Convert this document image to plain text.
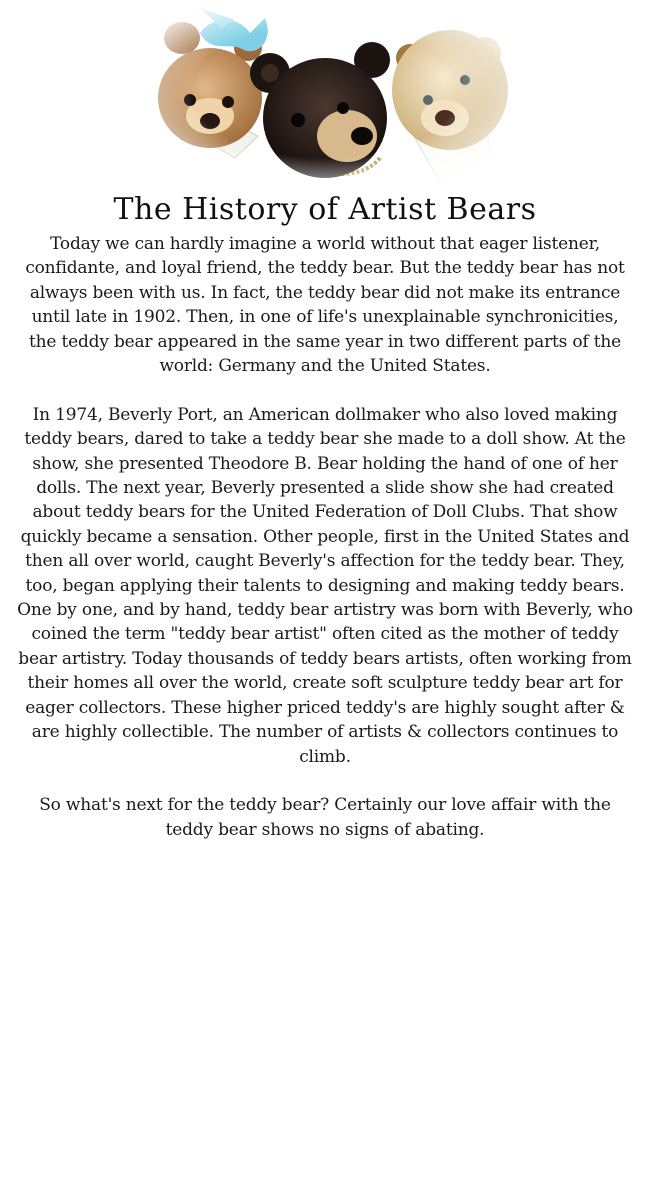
The History of Artist Bears

Today we can hardly imagine a world without that eager listener, confidante, and loyal friend, the teddy bear. But the teddy bear has not always been with us. In fact, the teddy bear did not make its entrance until late in 1902. Then, in one of life's unexplainable synchronicities, the teddy bear appeared in the same year in two different parts of the world: Germany and the United States.

In 1974, Beverly Port, an American dollmaker who also loved making teddy bears, dared to take a teddy bear she made to a doll show. At the show, she presented Theodore B. Bear holding the hand of one of her dolls. The next year, Beverly presented a slide show she had created about teddy bears for the United Federation of Doll Clubs. That show quickly became a sensation. Other people, first in the United States and then all over world, caught Beverly's affection for the teddy bear. They, too, began applying their talents to designing and making teddy bears. One by one, and by hand, teddy bear artistry was born with Beverly, who coined the term "teddy bear artist" often cited as the mother of teddy bear artistry. Today thousands of teddy bears artists, often working from their homes all over the world, create soft sculpture teddy bear art for eager collectors. These higher priced teddy's are highly sought after & are highly collectible. The number of artists & collectors continues to climb.

So what's next for the teddy bear? Certainly our love affair with the teddy bear shows no signs of abating.
